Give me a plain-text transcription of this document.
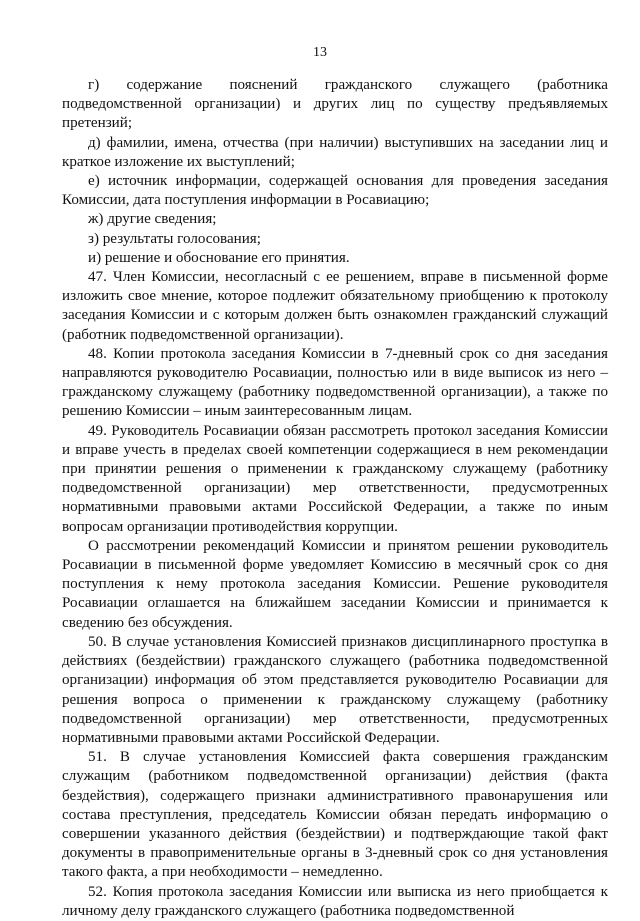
13

г) содержание пояснений гражданского служащего (работника подведомственной организации) и других лиц по существу предъявляемых претензий;

д) фамилии, имена, отчества (при наличии) выступивших на заседании лиц и краткое изложение их выступлений;

е) источник информации, содержащей основания для проведения заседания Комиссии, дата поступления информации в Росавиацию;

ж) другие сведения;

з) результаты голосования;

и) решение и обоснование его принятия.

47. Член Комиссии, несогласный с ее решением, вправе в письменной форме изложить свое мнение, которое подлежит обязательному приобщению к протоколу заседания Комиссии и с которым должен быть ознакомлен гражданский служащий (работник подведомственной организации).

48. Копии протокола заседания Комиссии в 7-дневный срок со дня заседания направляются руководителю Росавиации, полностью или в виде выписок из него – гражданскому служащему (работнику подведомственной организации), а также по решению Комиссии – иным заинтересованным лицам.

49. Руководитель Росавиации обязан рассмотреть протокол заседания Комиссии и вправе учесть в пределах своей компетенции содержащиеся в нем рекомендации при принятии решения о применении к гражданскому служащему (работнику подведомственной организации) мер ответственности, предусмотренных нормативными правовыми актами Российской Федерации, а также по иным вопросам организации противодействия коррупции.

О рассмотрении рекомендаций Комиссии и принятом решении руководитель Росавиации в письменной форме уведомляет Комиссию в месячный срок со дня поступления к нему протокола заседания Комиссии. Решение руководителя Росавиации оглашается на ближайшем заседании Комиссии и принимается к сведению без обсуждения.

50. В случае установления Комиссией признаков дисциплинарного проступка в действиях (бездействии) гражданского служащего (работника подведомственной организации) информация об этом представляется руководителю Росавиации для решения вопроса о применении к гражданскому служащему (работнику подведомственной организации) мер ответственности, предусмотренных нормативными правовыми актами Российской Федерации.

51. В случае установления Комиссией факта совершения гражданским служащим (работником подведомственной организации) действия (факта бездействия), содержащего признаки административного правонарушения или состава преступления, председатель Комиссии обязан передать информацию о совершении указанного действия (бездействии) и подтверждающие такой факт документы в правоприменительные органы в 3-дневный срок со дня установления такого факта, а при необходимости – немедленно.

52. Копия протокола заседания Комиссии или выписка из него приобщается к личному делу гражданского служащего (работника подведомственной
